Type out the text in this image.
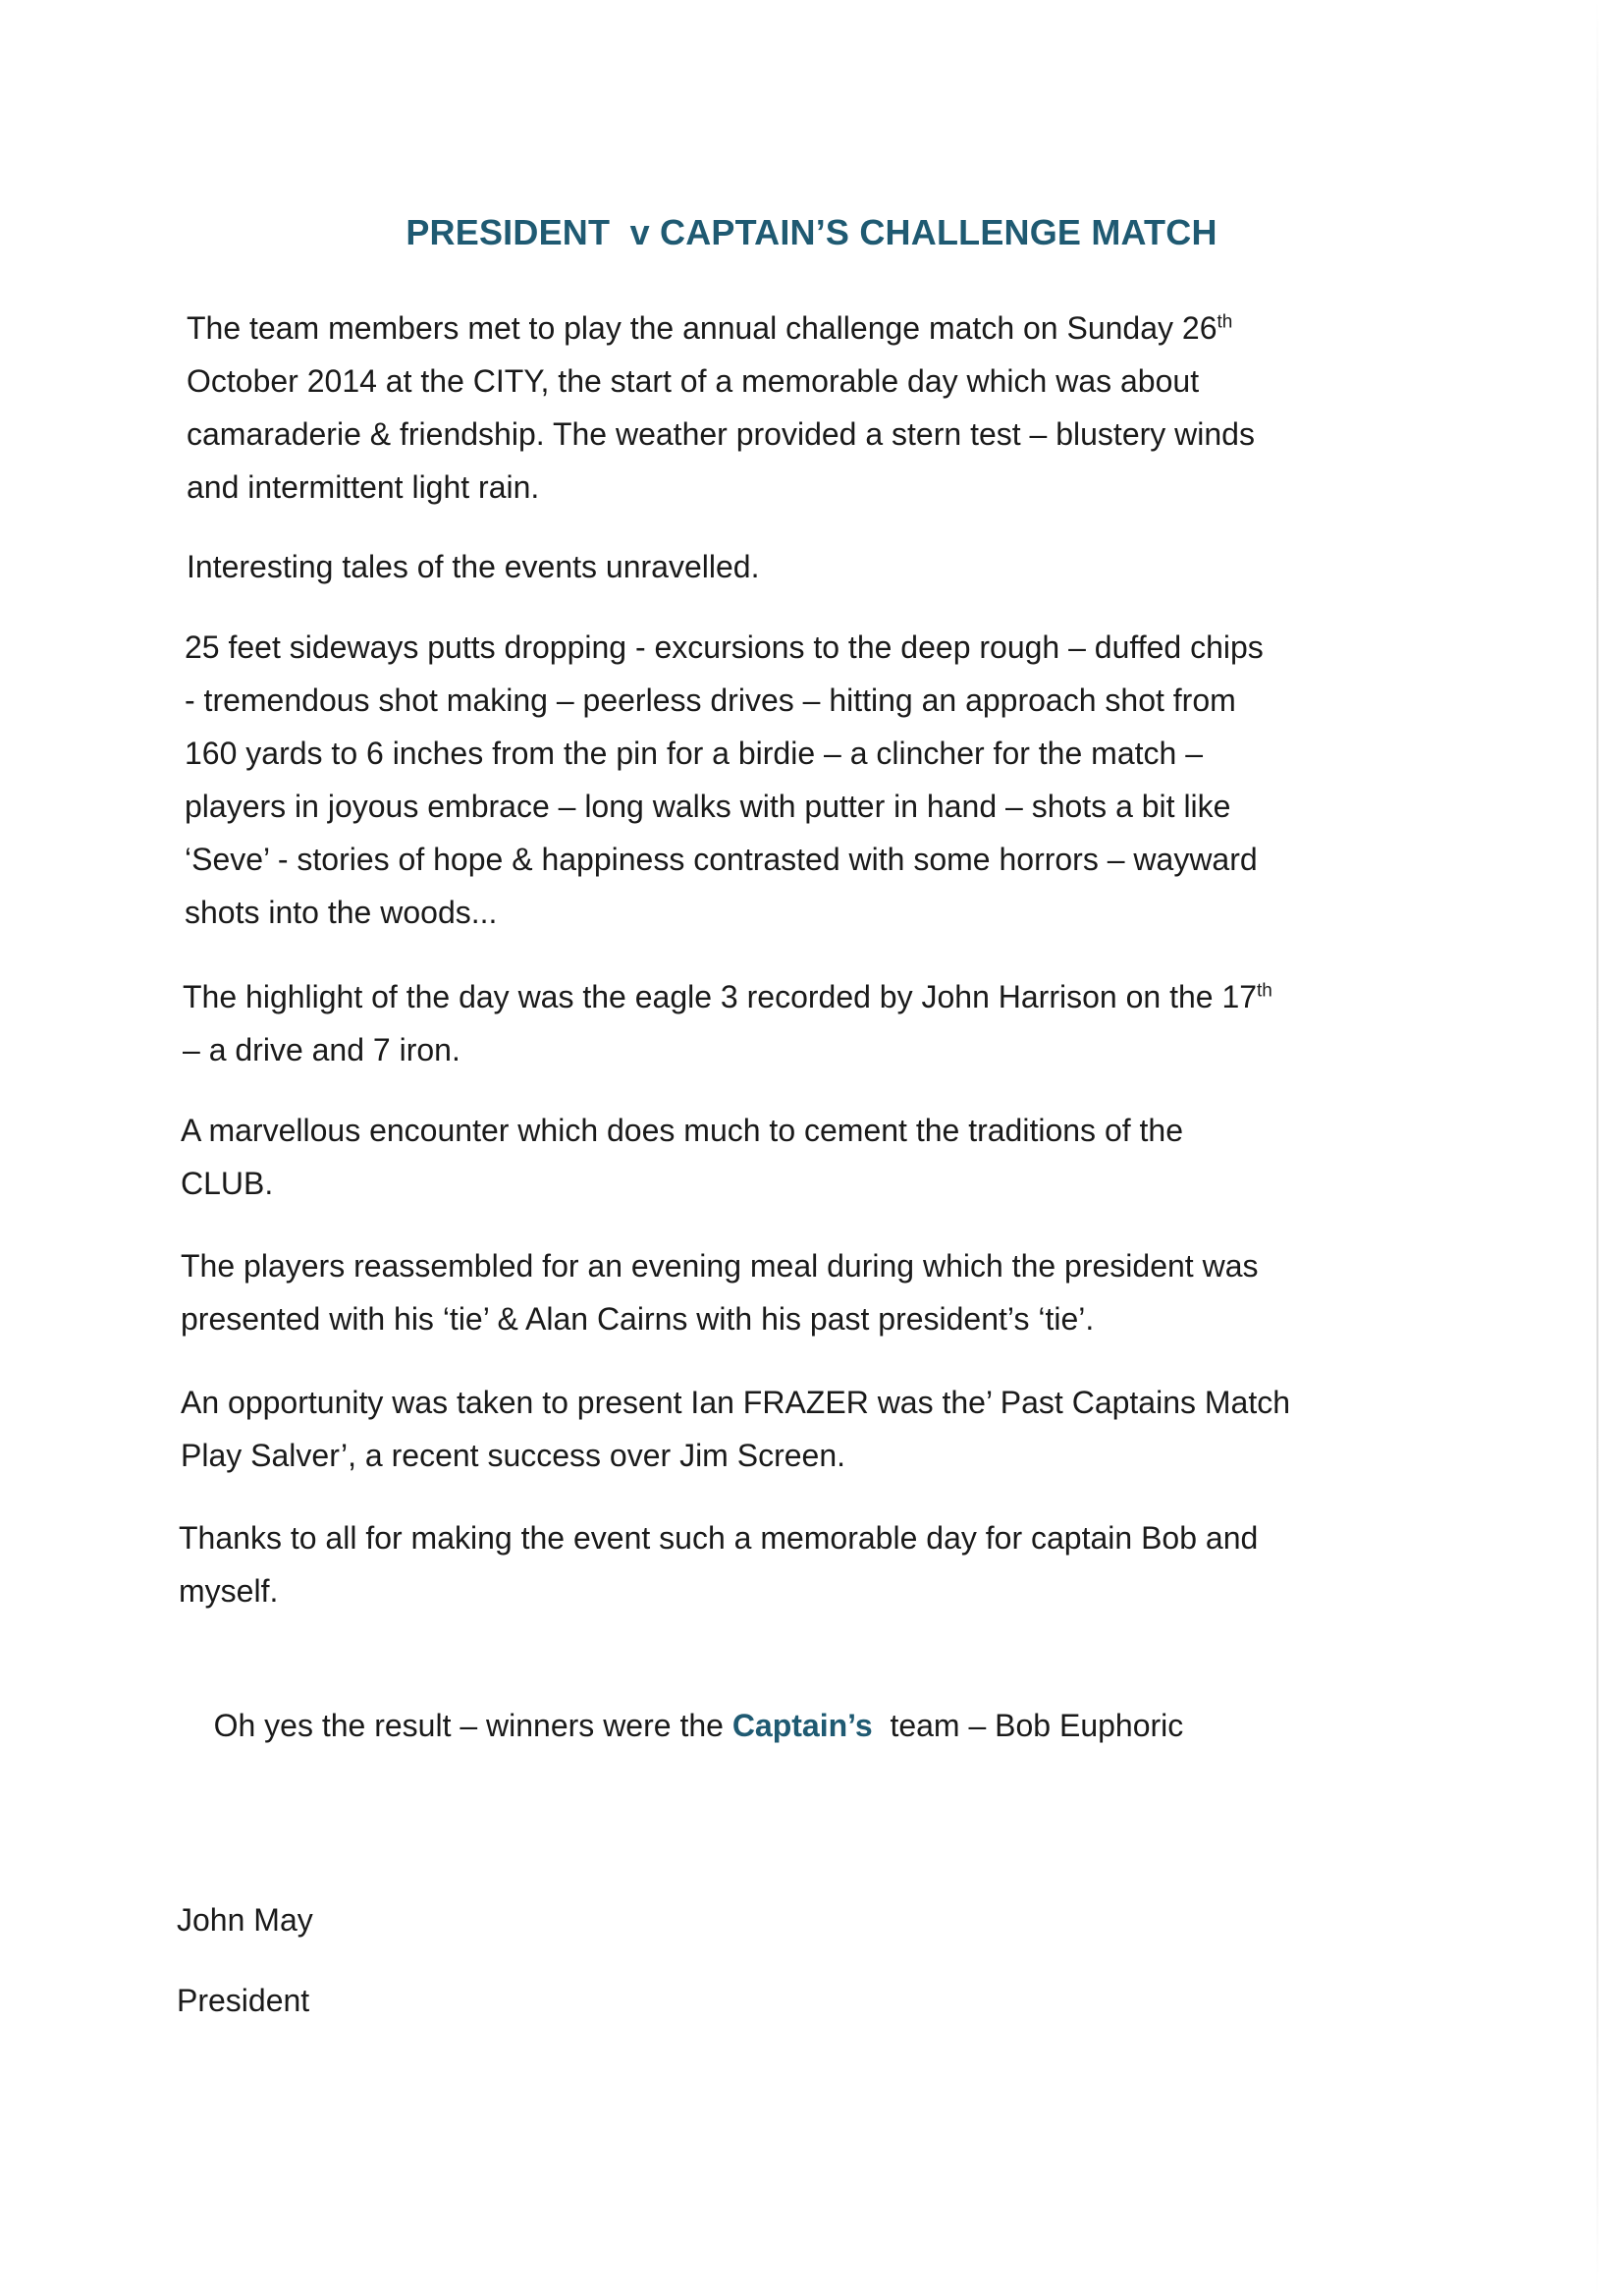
PRESIDENT  v CAPTAIN’S CHALLENGE MATCH
The team members met to play the annual challenge match on Sunday 26th
October 2014 at the CITY, the start of a memorable day which was about
camaraderie & friendship. The weather provided a stern test – blustery winds
and intermittent light rain.
Interesting tales of the events unravelled.
25 feet sideways putts dropping - excursions to the deep rough – duffed chips
- tremendous shot making – peerless drives – hitting an approach shot from
160 yards to 6 inches from the pin for a birdie – a clincher for the match –
players in joyous embrace – long walks with putter in hand – shots a bit like
‘Seve’ - stories of hope & happiness contrasted with some horrors – wayward
shots into the woods...
The highlight of the day was the eagle 3 recorded by John Harrison on the 17th
– a drive and 7 iron.
A marvellous encounter which does much to cement the traditions of the
CLUB.
The players reassembled for an evening meal during which the president was
presented with his ‘tie’ & Alan Cairns with his past president’s ‘tie’.
An opportunity was taken to present Ian FRAZER was the’ Past Captains Match
Play Salver’, a recent success over Jim Screen.
Thanks to all for making the event such a memorable day for captain Bob and
myself.

Oh yes the result – winners were the Captain’s  team – Bob Euphoric

John May
President
